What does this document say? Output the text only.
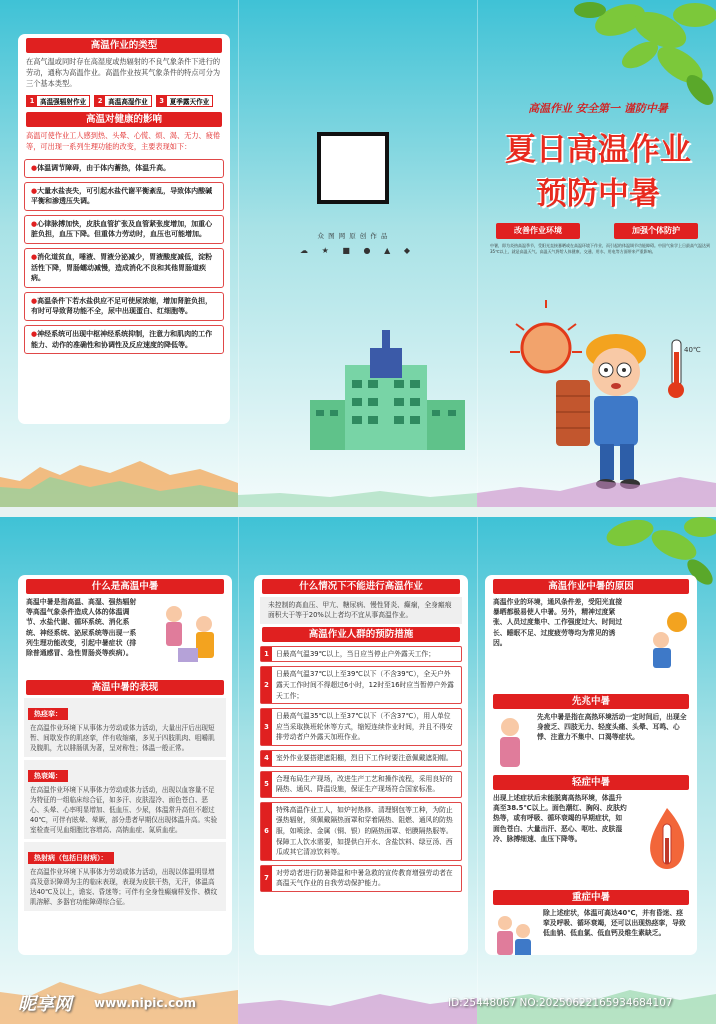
高温作业的类型
在高气温或同时存在高湿度或热辐射的不良气象条件下进行的劳动，通称为高温作业。高温作业按其气象条件的特点可分为三个基本类型。
1 高温强辐射作业	2 高温高湿作业	3 夏季露天作业
高温对健康的影响
高温可使作业工人感到热、头晕、心慌、烦、渴、无力、疲倦等，可出现一系列生理功能的改变，主要表现如下：
●体温调节障碍，由于体内蓄热，体温升高。
●大量水盐丧失，可引起水盐代谢平衡紊乱，导致体内酸碱平衡和渗透压失调。
●心律脉搏加快，皮肤血管扩张及血管紧张度增加，加重心脏负担，血压下降。但重体力劳动时，血压也可能增加。
●消化道贫血，唾液、胃液分泌减少，胃液酸度减低，淀粉活性下降，胃肠蠕动减慢，造成消化不良和其他胃肠道疾病。
●高温条件下若水盐供应不足可使尿浓缩，增加肾脏负担，有时可导致肾功能不全，尿中出现蛋白、红细胞等。
●神经系统可出现中枢神经系统抑制，注意力和肌肉的工作能力、动作的准确性和协调性及反应速度的降低等。
众 图 网 原 创 作 品
☁ ★ ■ ● ▲ ◆
高温作业 安全第一 谨防中暑
夏日高温作业
预防中暑
改善作业环境	加强个体防护
中暑，即为炎热高温季节，受阳光直接暴晒或在高温环境下作业，而引起的体温调节功能障碍。中国气象学上日最高气温达到35℃以上，就是高温天气。高温天气将给人体健康、交通、用水、用电等方面带来严重影响。
40℃
什么是高温中暑
高温中暑是指高温、高湿、强热辐射等高温气象条件造成人体的体温调节、水盐代谢、循环系统、消化系统、神经系统、泌尿系统等出现一系列生理功能改变，引起中暑症状（排除普通感冒、急性胃肠炎等疾病）。
高温中暑的表现
热痉挛：
在高温作业环境下从事体力劳动或体力活动，大量出汗后出现短暂、间歇发作的肌痉挛，伴有收缩痛，多见于四肢肌肉、咀嚼肌及腹肌，尤以腓肠肌为著，呈对称性；体温一般正常。
热衰竭：
在高温作业环境下从事体力劳动或体力活动，出现以血容量不足为特征的一组临床综合征，如多汗、皮肤湿冷、面色苍白、恶心、头晕、心率明显增加、低血压、少尿，体温常升高但不超过40℃，可伴有眩晕、晕厥，部分患者早期仅出现体温升高。实验室检查可见血细胞比容增高、高钠血症、氮质血症。
热射病（包括日射病）：
在高温作业环境下从事体力劳动或体力活动，出现以体温明显增高及意识障碍为主的临床表现，表现为皮肤干热，无汗，体温高达40℃及以上，谵妄、昏迷等；可伴有全身性癫痫样发作、横纹肌溶解、多器官功能障碍综合征。
什么情况下不能进行高温作业
未控制的高血压、甲亢、糖尿病、慢性肾炎、癫痫，全身瘢痕面积大于等于20%以上者均不宜从事高温作业。
高温作业人群的预防措施
1	日最高气温39℃以上，当日应当停止户外露天工作；
2
日最高气温37℃以上至39℃以下（不含39℃），全天户外露天工作时间不得超过6小时，12时至16时应当暂停户外露天工作；
3
日最高气温35℃以上至37℃以下（不含37℃），用人单位应当采取换班轮休等方式，缩短连续作业时间，并且不得安排劳动者户外露天加班作业。
4	室外作业要搭建遮阳棚，烈日下工作时要注意佩戴遮阳帽。
5
合理布局生产现场，改进生产工艺和操作流程，采用良好的隔热、通风、降温设施，保证生产现场符合国家标准。
6
特殊高温作业工人，如炉衬热修、清理钢包等工种，为防止强热辐射，须佩戴隔热面罩和穿着隔热、阻燃、通风的防热服，如喷涂、金属（铜、银）的隔热面罩、铝膜隔热服等。保障工人饮水需要，如提供白开水、含盐饮料、绿豆汤、西瓜或其它清凉饮料等。
7
对劳动者进行防暑降温和中暑急救的宣传教育增强劳动者在高温天气作业的自我劳动保护能力。
高温作业中暑的原因
高温作业的环境，通风条件差，受阳光直接暴晒都极易使人中暑。另外，精神过度紧张、人员过度集中、工作强度过大、时间过长、睡眠不足、过度疲劳等均为常见的诱因。
先兆中暑
先兆中暑是指在高热环境活动一定时间后，出现全身疲乏、四肢无力、轻度头痛、头晕、耳鸣、心悸、注意力不集中、口渴等症状。
轻症中暑
出现上述症状后未能脱离高热环境，体温升高至38.5℃以上。面色潮红、胸闷、皮肤灼热等，或有呼吸、循环衰竭的早期症状，如面色苍白、大量出汗、恶心、呕吐、皮肤湿冷、脉搏细速、血压下降等。
重症中暑
除上述症状，体温可高达40℃，并有昏迷、痉挛及呼吸、循环衰竭，还可以出现热痉挛，导致低血钠、低血氯、低血钙及维生素缺乏。
昵享网 www.nipic.com	ID:25448067 NO:20250622165934684107
